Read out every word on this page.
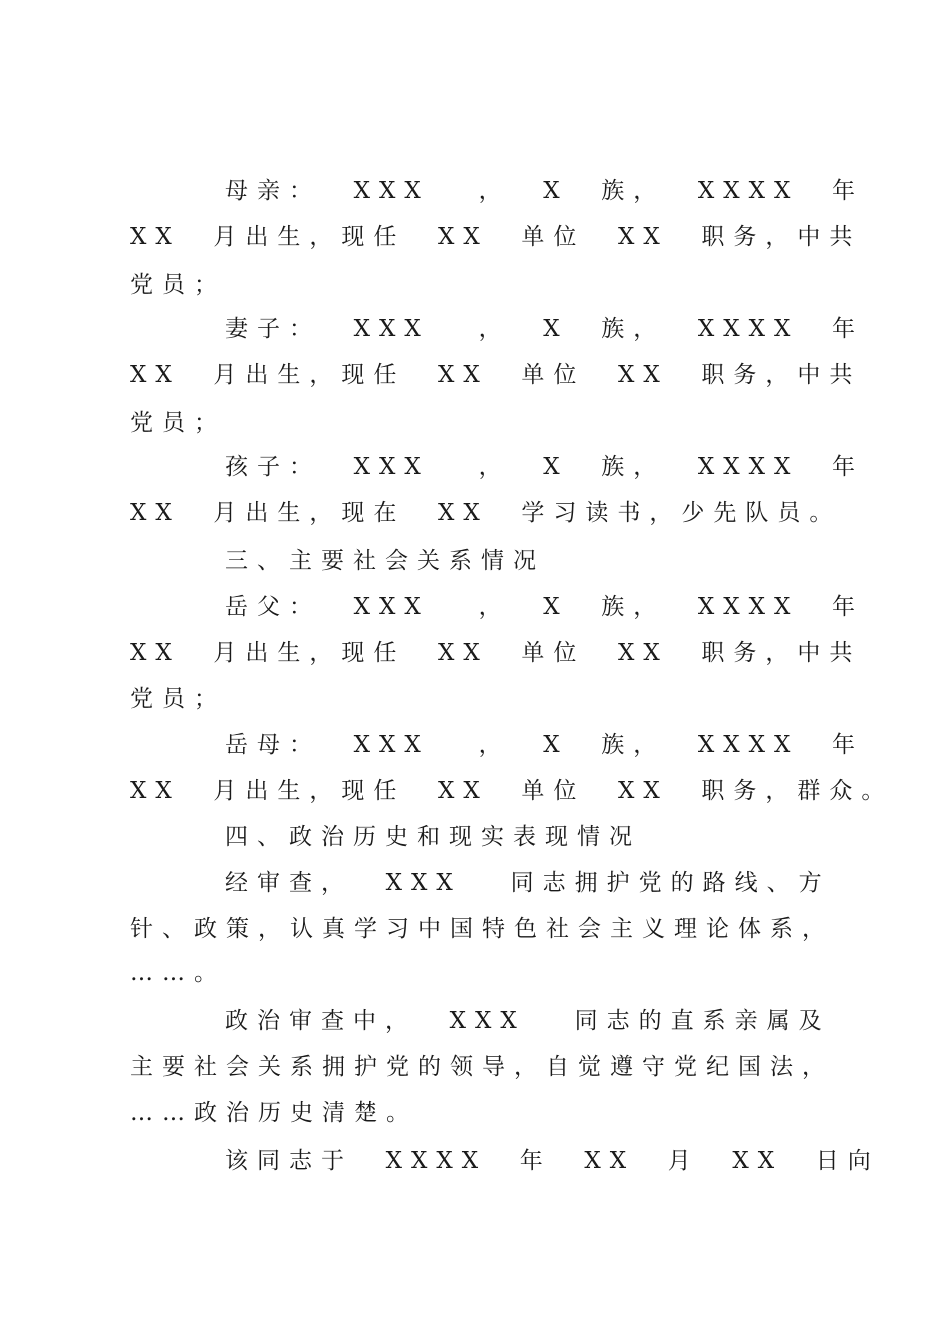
母亲：  XXX   ，  X  族，  XXXX  年
XX  月出生，现任  XX  单位  XX  职务，中共
党员；
妻子：  XXX   ，  X  族，  XXXX  年
XX  月出生，现任  XX  单位  XX  职务，中共
党员；
孩子：  XXX   ，  X  族，  XXXX  年
XX  月出生，现在  XX  学习读书，少先队员。
三、主要社会关系情况
岳父：  XXX   ，  X  族，  XXXX  年
XX  月出生，现任  XX  单位  XX  职务，中共
党员；
岳母：  XXX   ，  X  族，  XXXX  年
XX  月出生，现任  XX  单位  XX  职务，群众。
四、政治历史和现实表现情况
经审查，  XXX   同志拥护党的路线、方
针、政策，认真学习中国特色社会主义理论体系，
……。
政治审查中，  XXX   同志的直系亲属及
主要社会关系拥护党的领导，自觉遵守党纪国法，
……政治历史清楚。
该同志于  XXXX  年  XX  月  XX  日向
